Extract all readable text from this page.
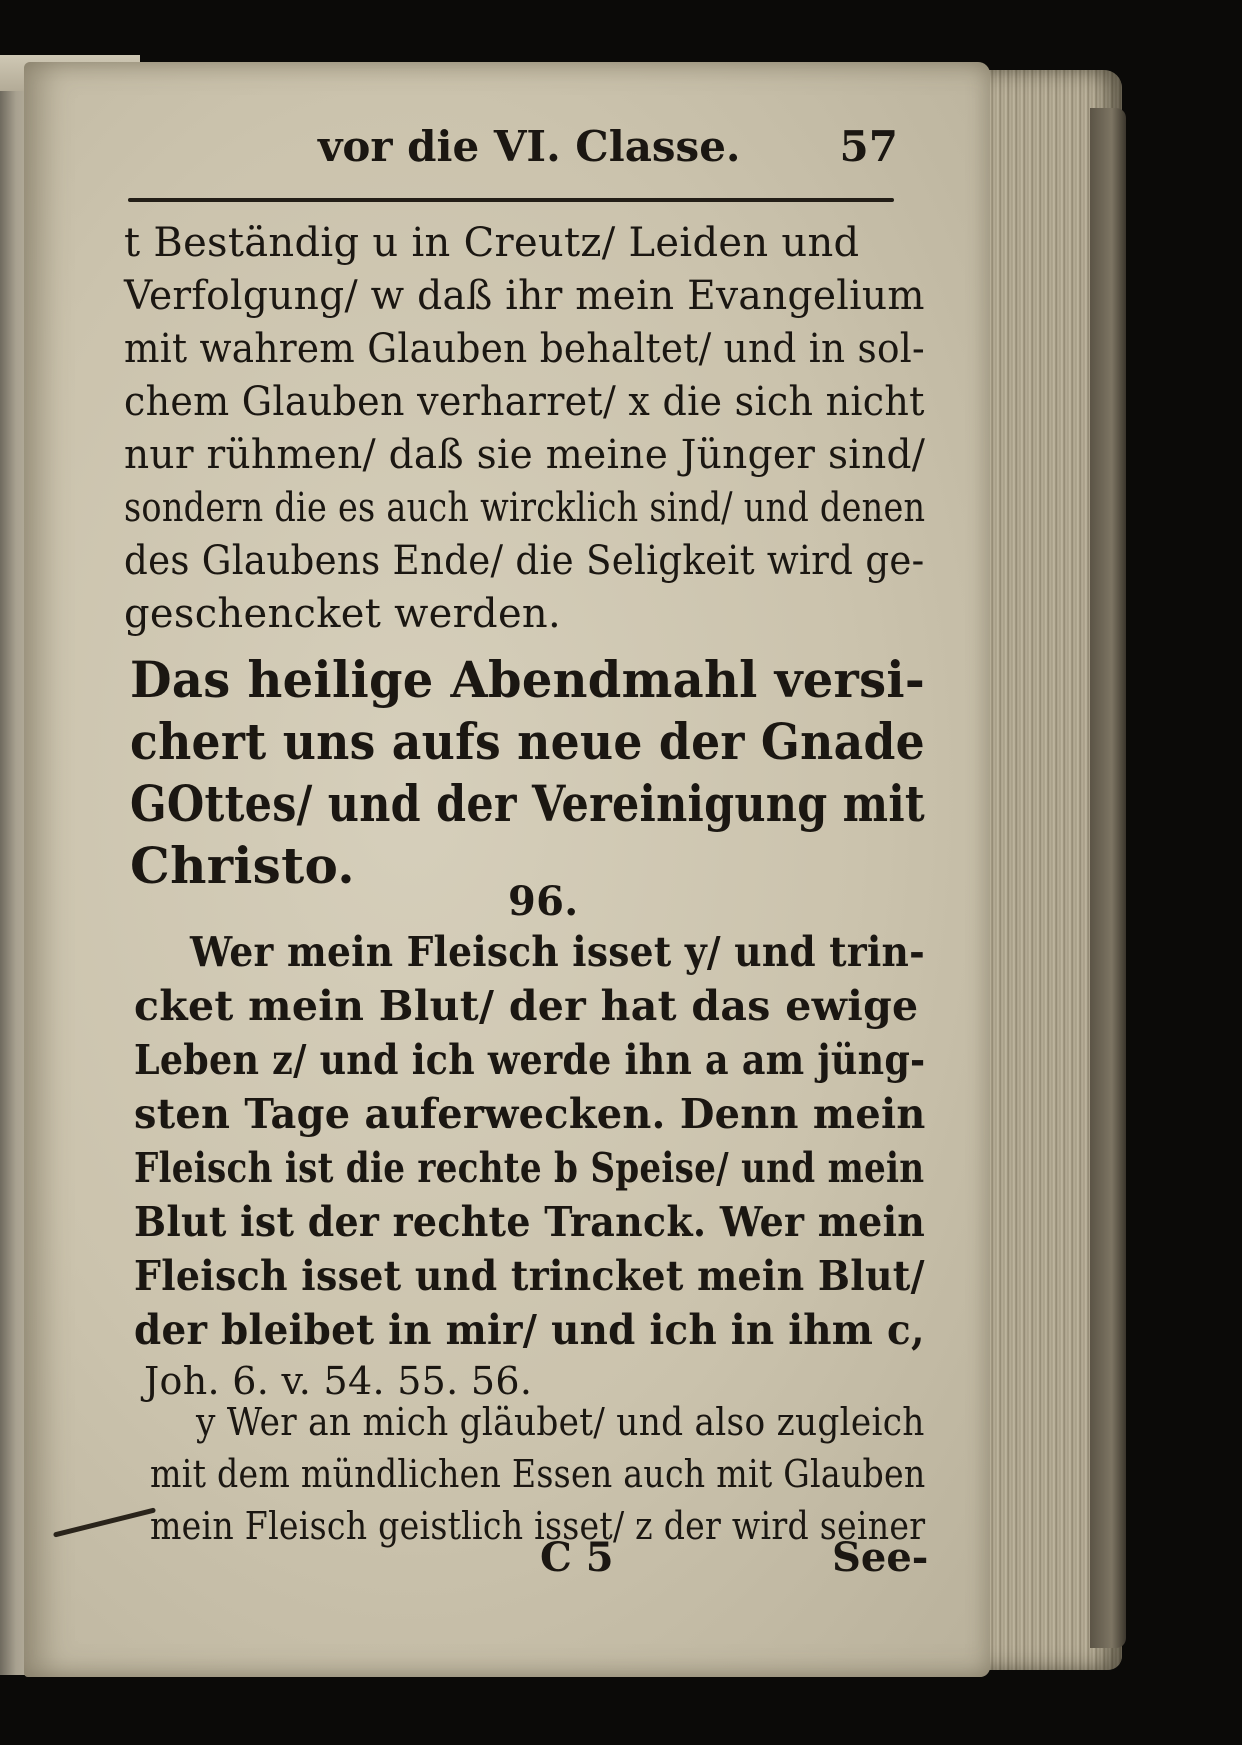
vor die VI. Classe. 57
t Beständig u in Creutz/ Leiden und
Verfolgung/ w daß ihr mein Evangelium
mit wahrem Glauben behaltet/ und in sol-
chem Glauben verharret/ x die sich nicht
nur rühmen/ daß sie meine Jünger sind/
sondern die es auch wircklich sind/ und denen
des Glaubens Ende/ die Seligkeit wird ge-
geschencket werden.
Das heilige Abendmahl versi-
chert uns aufs neue der Gnade
GOttes/ und der Vereinigung mit
Christo.
96.
Wer mein Fleisch isset y/ und trin-
cket mein Blut/ der hat das ewige
Leben z/ und ich werde ihn a am jüng-
sten Tage auferwecken. Denn mein
Fleisch ist die rechte b Speise/ und mein
Blut ist der rechte Tranck. Wer mein
Fleisch isset und trincket mein Blut/
der bleibet in mir/ und ich in ihm c,
Joh. 6. v. 54. 55. 56.
y Wer an mich gläubet/ und also zugleich
mit dem mündlichen Essen auch mit Glauben
mein Fleisch geistlich isset/ z der wird seiner
C 5	See-
